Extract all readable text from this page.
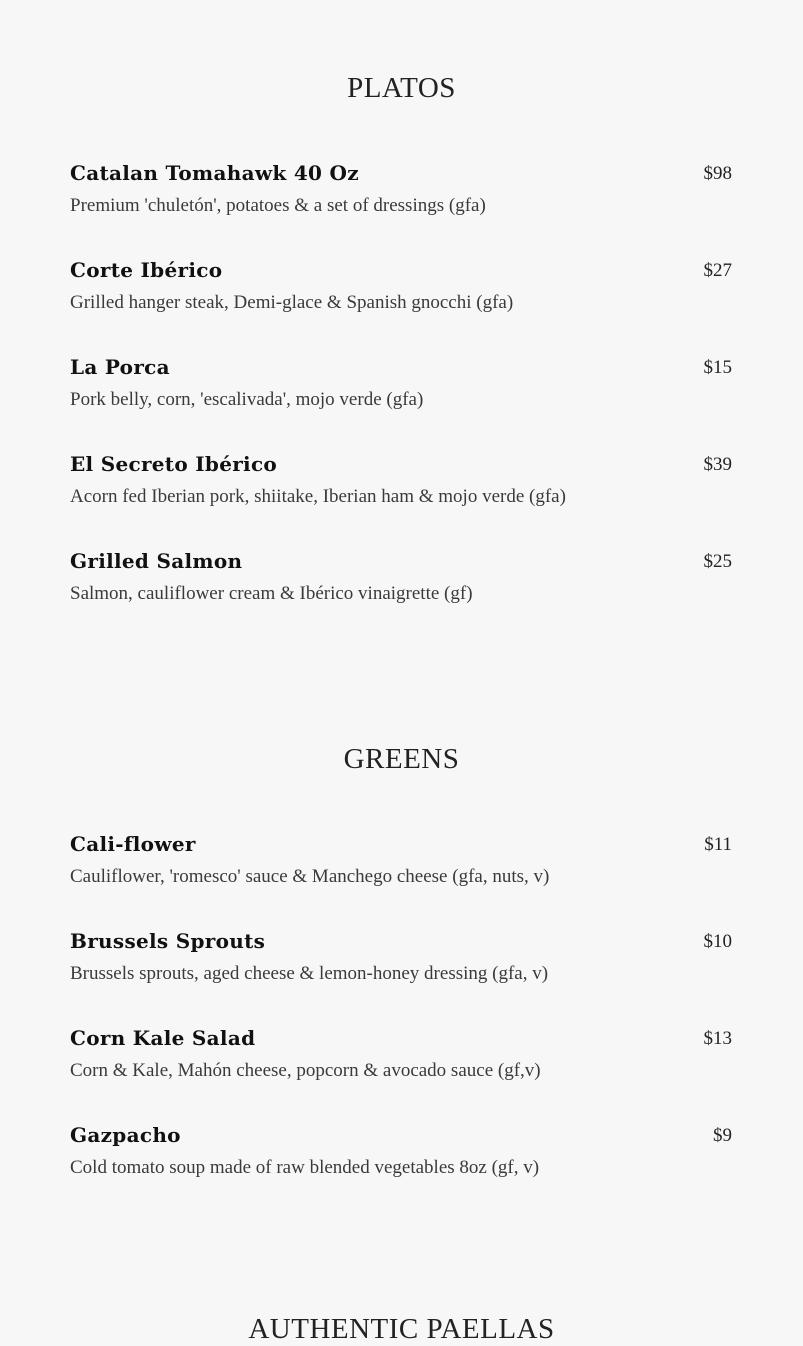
PLATOS
Catalan Tomahawk 40 Oz	$98
Premium 'chuletón', potatoes & a set of dressings (gfa)
Corte Ibérico	$27
Grilled hanger steak, Demi-glace & Spanish gnocchi (gfa)
La Porca	$15
Pork belly, corn, 'escalivada', mojo verde (gfa)
El Secreto Ibérico	$39
Acorn fed Iberian pork, shiitake, Iberian ham & mojo verde (gfa)
Grilled Salmon	$25
Salmon, cauliflower cream & Ibérico vinaigrette (gf)
GREENS
Cali-flower	$11
Cauliflower, 'romesco' sauce & Manchego cheese (gfa, nuts, v)
Brussels Sprouts	$10
Brussels sprouts, aged cheese & lemon-honey dressing (gfa, v)
Corn Kale Salad	$13
Corn & Kale, Mahón cheese, popcorn & avocado sauce (gf,v)
Gazpacho	$9
Cold tomato soup made of raw blended vegetables 8oz (gf, v)
AUTHENTIC PAELLAS
